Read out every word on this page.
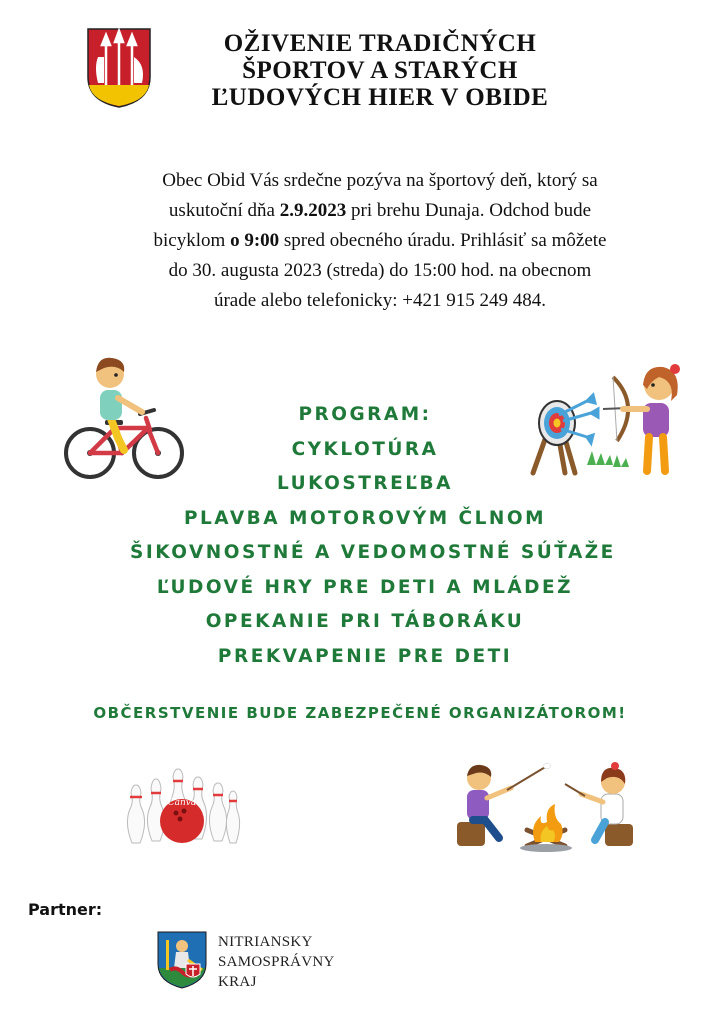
OŽIVENIE TRADIČNÝCH
ŠPORTOV A STARÝCH
ĽUDOVÝCH HIER V OBIDE
Obec Obid Vás srdečne pozýva na športový deň, ktorý sa
uskutoční dňa 2.9.2023 pri brehu Dunaja. Odchod bude
bicyklom o 9:00 spred obecného úradu. Prihlásiť sa môžete
do 30. augusta 2023 (streda) do 15:00 hod. na obecnom
úrade alebo telefonicky: +421 915 249 484.
PROGRAM:
CYKLOTÚRA
LUKOSTREĽBA
PLAVBA MOTOROVÝM ČLNOM
ŠIKOVNOSTNÉ A VEDOMOSTNÉ SÚŤAŽE
ĽUDOVÉ HRY PRE DETI A MLÁDEŽ
OPEKANIE PRI TÁBORÁKU
PREKVAPENIE PRE DETI
OBČERSTVENIE BUDE ZABEZPEČENÉ ORGANIZÁTOROM!
Canva
Partner:
NITRIANSKY
SAMOSPRÁVNY
KRAJ
